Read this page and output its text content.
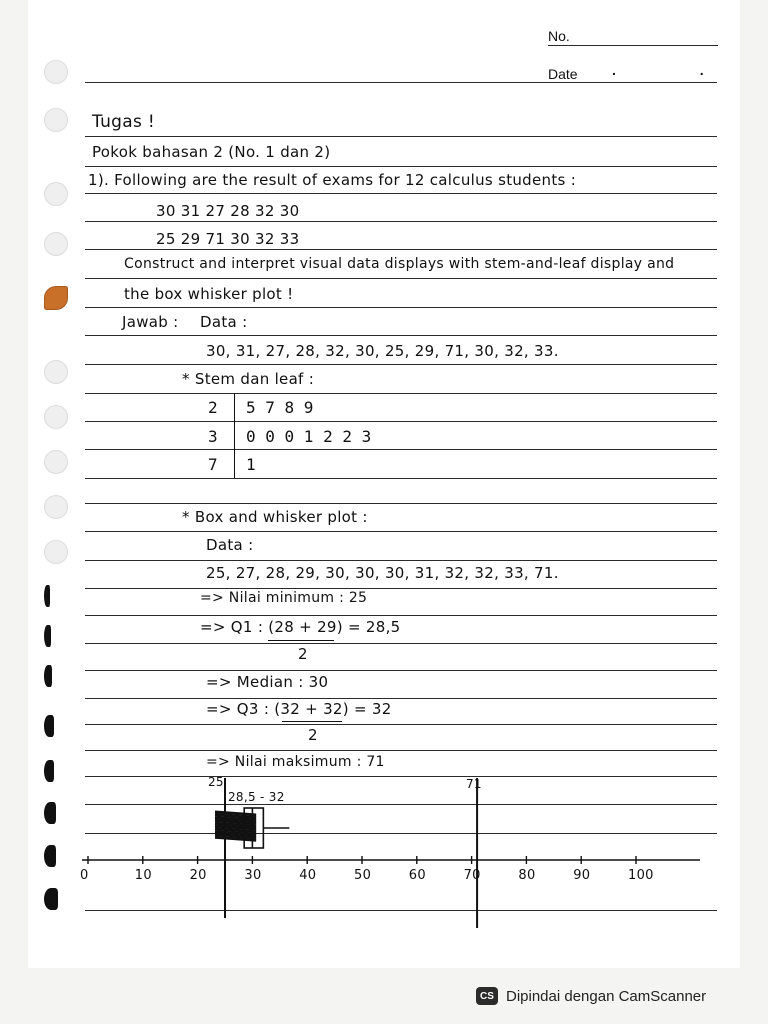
No.
Date . .
Tugas !
Pokok bahasan 2 (No. 1 dan 2)
1). Following are the result of exams for 12 calculus students :
30 31 27 28 32 30
25 29 71 30 32 33
Construct and interpret visual data displays with stem-and-leaf display and
the box whisker plot !
Jawab : Data :
30, 31, 27, 28, 32, 30, 25, 29, 71, 30, 32, 33.
* Stem dan leaf :
2 5 7 8 9
3 0 0 0 1 2 2 3
7 1
* Box and whisker plot :
Data :
25, 27, 28, 29, 30, 30, 30, 31, 32, 32, 33, 71.
=> Nilai minimum : 25
=> Q1 : (28 + 29) = 28,5
2
=> Median : 30
=> Q3 : (32 + 32) = 32
2
=> Nilai maksimum : 71
25
28,5 - 32
71
0	10	20	30	40	50	60	70	80	90	100
CS Dipindai dengan CamScanner
